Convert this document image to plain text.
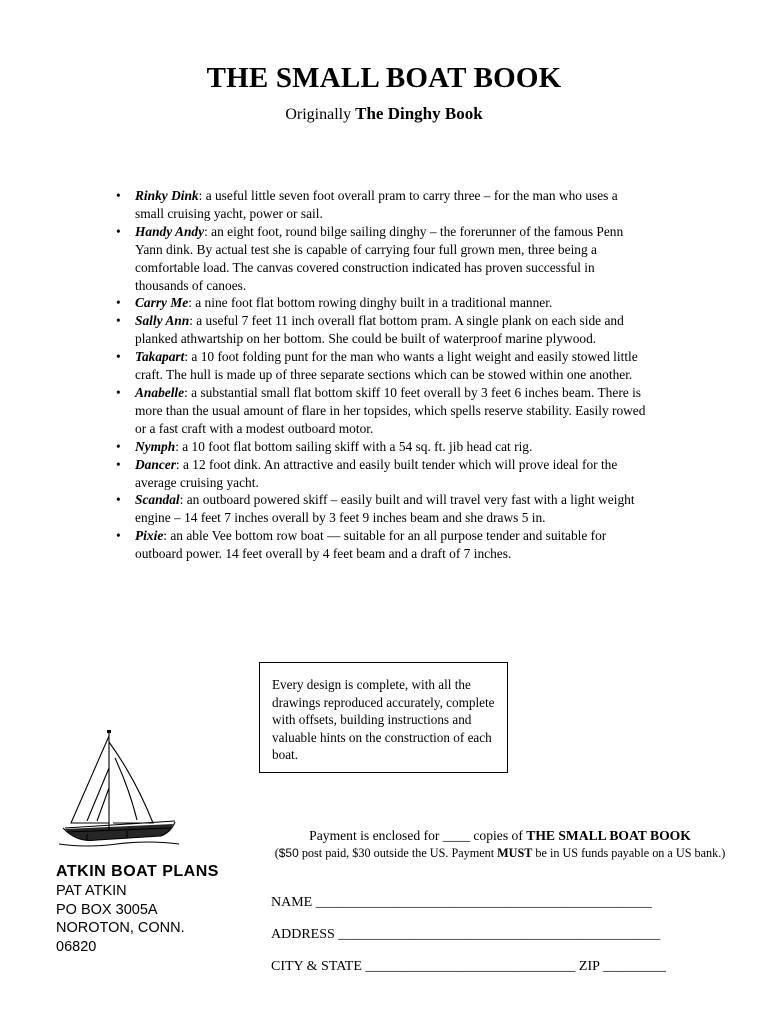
THE SMALL BOAT BOOK
Originally The Dinghy Book
• Rinky Dink: a useful little seven foot overall pram to carry three – for the man who uses a small cruising yacht, power or sail.
• Handy Andy: an eight foot, round bilge sailing dinghy – the forerunner of the famous Penn Yann dink. By actual test she is capable of carrying four full grown men, three being a comfortable load. The canvas covered construction indicated has proven successful in thousands of canoes.
• Carry Me: a nine foot flat bottom rowing dinghy built in a traditional manner.
• Sally Ann: a useful 7 feet 11 inch overall flat bottom pram. A single plank on each side and planked athwartship on her bottom. She could be built of waterproof marine plywood.
• Takapart: a 10 foot folding punt for the man who wants a light weight and easily stowed little craft. The hull is made up of three separate sections which can be stowed within one another.
• Anabelle: a substantial small flat bottom skiff 10 feet overall by 3 feet 6 inches beam. There is more than the usual amount of flare in her topsides, which spells reserve stability. Easily rowed or a fast craft with a modest outboard motor.
• Nymph: a 10 foot flat bottom sailing skiff with a 54 sq. ft. jib head cat rig.
• Dancer: a 12 foot dink. An attractive and easily built tender which will prove ideal for the average cruising yacht.
• Scandal: an outboard powered skiff – easily built and will travel very fast with a light weight engine – 14 feet 7 inches overall by 3 feet 9 inches beam and she draws 5 in.
• Pixie: an able Vee bottom row boat — suitable for an all purpose tender and suitable for outboard power. 14 feet overall by 4 feet beam and a draft of 7 inches.
Every design is complete, with all the drawings reproduced accurately, complete with offsets, building instructions and valuable hints on the construction of each boat.
ATKIN BOAT PLANS
PAT ATKIN
PO BOX 3005A
NOROTON, CONN.
06820
Payment is enclosed for ____ copies of THE SMALL BOAT BOOK
($50 post paid, $30 outside the US. Payment MUST be in US funds payable on a US bank.)
NAME ________________________________________________
ADDRESS ______________________________________________
CITY & STATE ______________________________ ZIP _________
